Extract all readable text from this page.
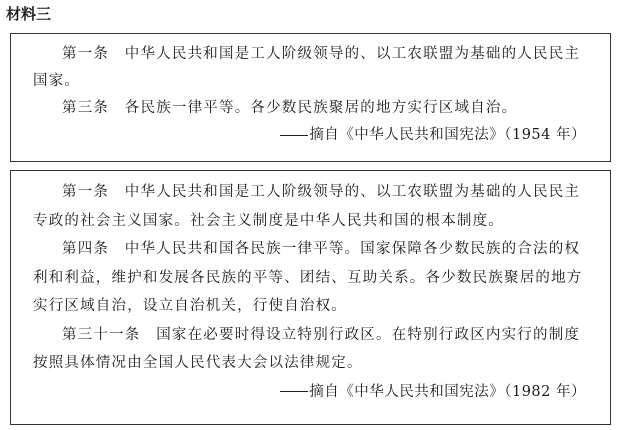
材料三

第一条　中华人民共和国是工人阶级领导的、以工农联盟为基础的人民民主国家。

第三条　各民族一律平等。各少数民族聚居的地方实行区域自治。

摘自《中华人民共和国宪法》（1954 年）

第一条　中华人民共和国是工人阶级领导的、以工农联盟为基础的人民民主专政的社会主义国家。社会主义制度是中华人民共和国的根本制度。

第四条　中华人民共和国各民族一律平等。国家保障各少数民族的合法的权利和利益，维护和发展各民族的平等、团结、互助关系。各少数民族聚居的地方实行区域自治，设立自治机关，行使自治权。

第三十一条　国家在必要时得设立特别行政区。在特别行政区内实行的制度按照具体情况由全国人民代表大会以法律规定。

摘自《中华人民共和国宪法》（1982 年）
